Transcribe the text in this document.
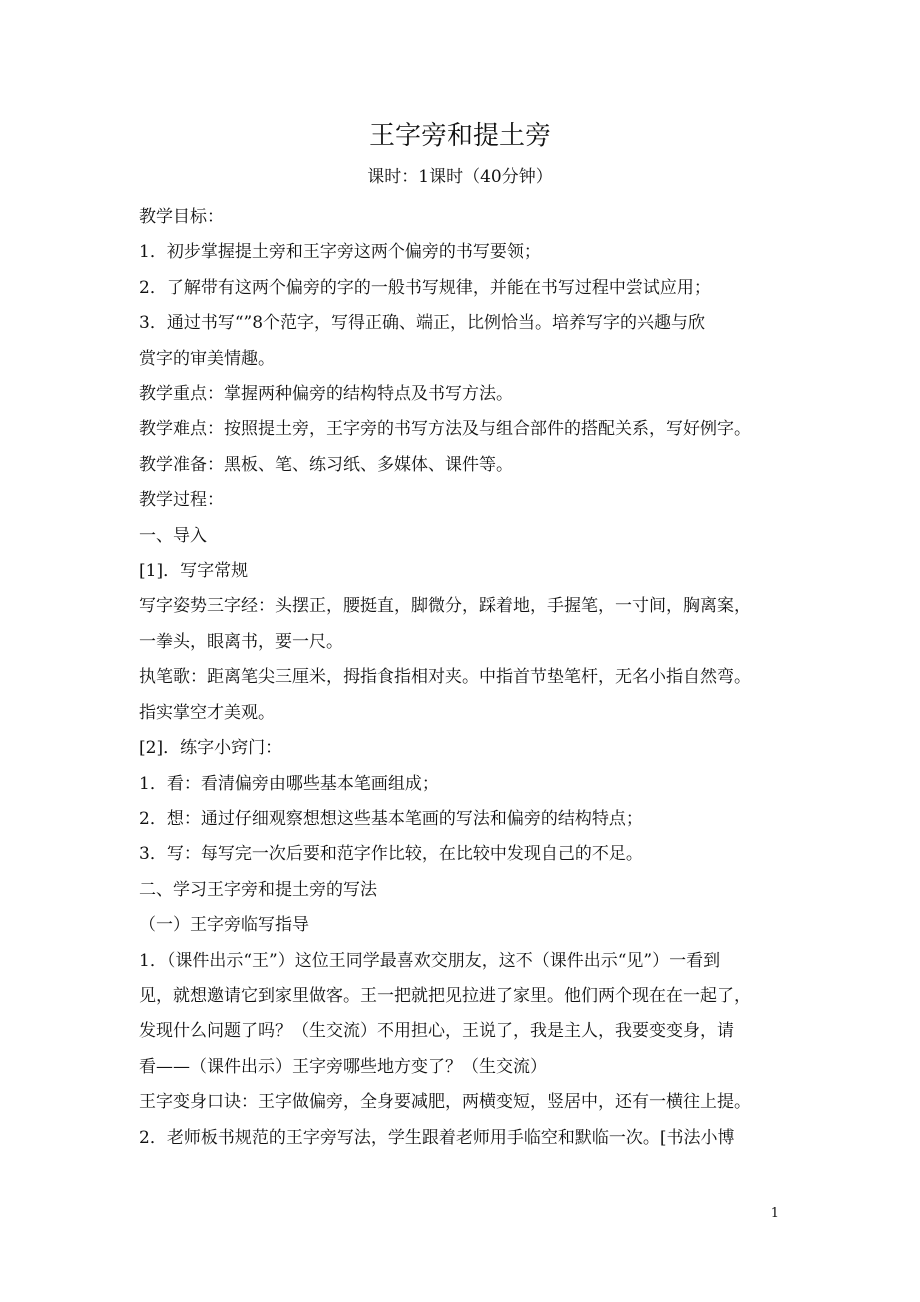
王字旁和提土旁
课时：1课时（40分钟）

教学目标：

1．初步掌握提土旁和王字旁这两个偏旁的书写要领；

2．了解带有这两个偏旁的字的一般书写规律，并能在书写过程中尝试应用；

3．通过书写“”8个范字，写得正确、端正，比例恰当。培养写字的兴趣与欣

赏字的审美情趣。

教学重点：掌握两种偏旁的结构特点及书写方法。

教学难点：按照提土旁，王字旁的书写方法及与组合部件的搭配关系，写好例字。

教学准备：黑板、笔、练习纸、多媒体、课件等。

教学过程：

一、导入

[1]．写字常规

写字姿势三字经：头摆正，腰挺直，脚微分，踩着地，手握笔，一寸间，胸离案，

一拳头，眼离书，要一尺。

执笔歌：距离笔尖三厘米，拇指食指相对夹。中指首节垫笔杆，无名小指自然弯。

指实掌空才美观。

[2]．练字小窍门：

1．看：看清偏旁由哪些基本笔画组成；

2．想：通过仔细观察想想这些基本笔画的写法和偏旁的结构特点；

3．写：每写完一次后要和范字作比较，在比较中发现自己的不足。

二、学习王字旁和提土旁的写法

（一）王字旁临写指导

1．（课件出示“王”）这位王同学最喜欢交朋友，这不（课件出示“见”）一看到

见，就想邀请它到家里做客。王一把就把见拉进了家里。他们两个现在在一起了，

发现什么问题了吗？（生交流）不用担心，王说了，我是主人，我要变变身，请

看——（课件出示）王字旁哪些地方变了？（生交流）

王字变身口诀：王字做偏旁，全身要减肥，两横变短，竖居中，还有一横往上提。

2．老师板书规范的王字旁写法，学生跟着老师用手临空和默临一次。[书法小博

1
